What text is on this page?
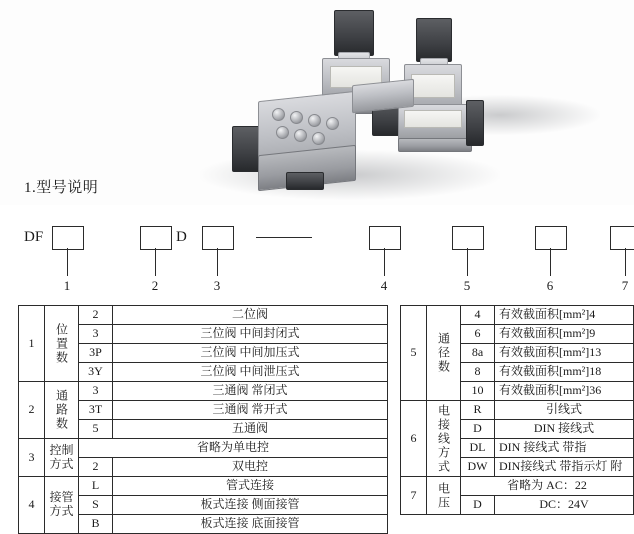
1.型号说明
DF	D
1	2	3	4	5	6	7
1	位置数	2	二位阀
		3	三位阀 中间封闭式
		3P	三位阀 中间加压式
		3Y	三位阀 中间泄压式
2	通路数	3	三通阀 常闭式
		3T	三通阀 常开式
		5	五通阀
3	控制方式	省略为单电控	
		2	双电控
4	接管方式	L	管式连接
		S	板式连接 侧面接管
		B	板式连接 底面接管
5	通径数	4	有效截面积[mm²]4
		6	有效截面积[mm²]9
		8a	有效截面积[mm²]13
		8	有效截面积[mm²]18
		10	有效截面积[mm²]36
6	电接线方式	R	引线式
		D	DIN 接线式
		DL	DIN 接线式 带指
		DW	DIN接线式 带指示灯 附
7	电压	省略为 AC：22	
		D	DC：24V
